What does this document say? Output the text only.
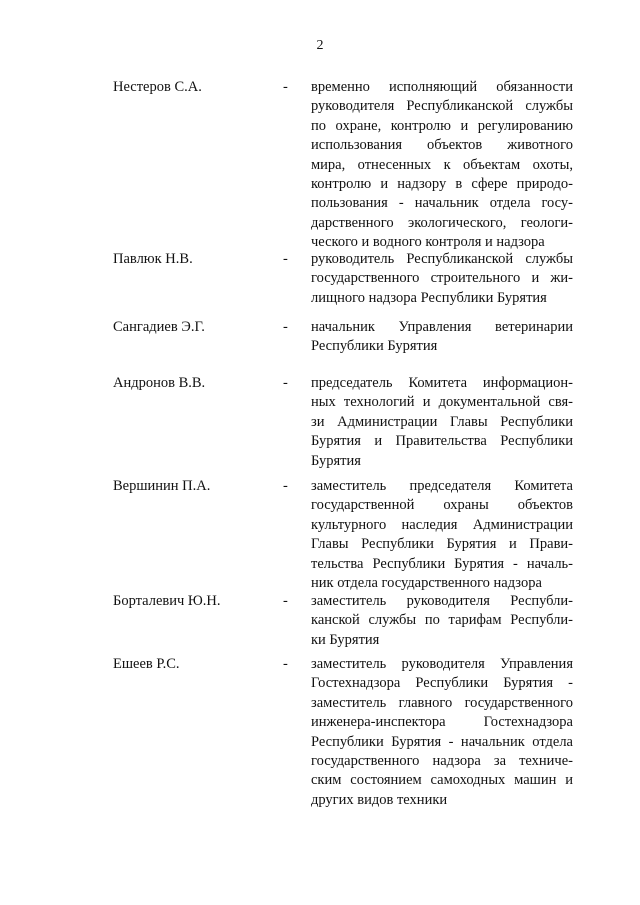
2
Нестеров С.А.	- временно исполняющий обязанности
руководителя Республиканской службы
по охране, контролю и регулированию
использования объектов животного
мира, отнесенных к объектам охоты,
контролю и надзору в сфере природо-
пользования - начальник отдела госу-
дарственного экологического, геологи-
ческого и водного контроля и надзора
Павлюк Н.В.	- руководитель Республиканской службы
государственного строительного и жи-
лищного надзора Республики Бурятия
Сангадиев Э.Г.	- начальник Управления ветеринарии
Республики Бурятия
Андронов В.В.	- председатель Комитета информацион-
ных технологий и документальной свя-
зи Администрации Главы Республики
Бурятия и Правительства Республики
Бурятия
Вершинин П.А.	- заместитель председателя Комитета
государственной охраны объектов
культурного наследия Администрации
Главы Республики Бурятия и Прави-
тельства Республики Бурятия - началь-
ник отдела государственного надзора
Борталевич Ю.Н.	- заместитель руководителя Республи-
канской службы по тарифам Республи-
ки Бурятия
Ешеев Р.С.	- заместитель руководителя Управления
Гостехнадзора Республики Бурятия -
заместитель главного государственного
инженера-инспектора Гостехнадзора
Республики Бурятия - начальник отдела
государственного надзора за техниче-
ским состоянием самоходных машин и
других видов техники
